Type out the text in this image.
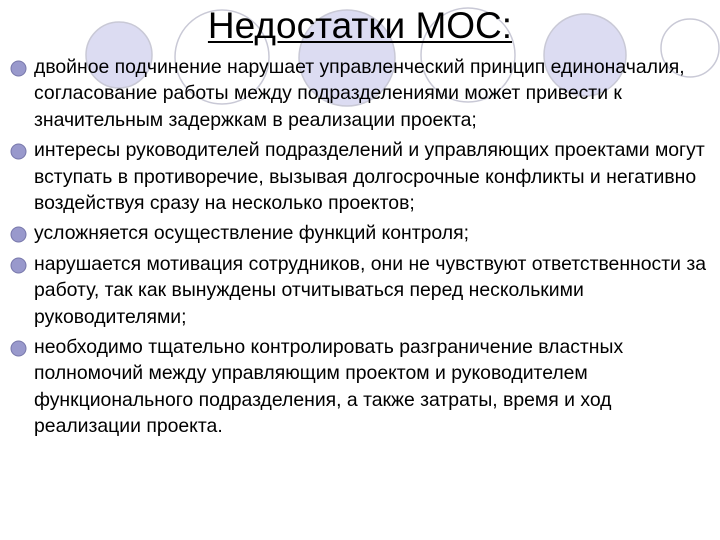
Недостатки МОС:
двойное подчинение нарушает управленческий принцип единоначалия, согласование работы между подразделениями может привести к значительным задержкам в реализации проекта;
интересы руководителей подразделений и управляющих проектами могут вступать в противоречие, вызывая долгосрочные конфликты и негативно воздействуя сразу на несколько проектов;
усложняется осуществление функций контроля;
нарушается мотивация сотрудников, они не чувствуют ответственности за работу, так как вынуждены отчитываться перед несколькими руководителями;
необходимо тщательно контролировать разграничение властных полномочий между управляющим проектом и руководителем функционального подразделения, а также затраты, время и ход реализации проекта.
